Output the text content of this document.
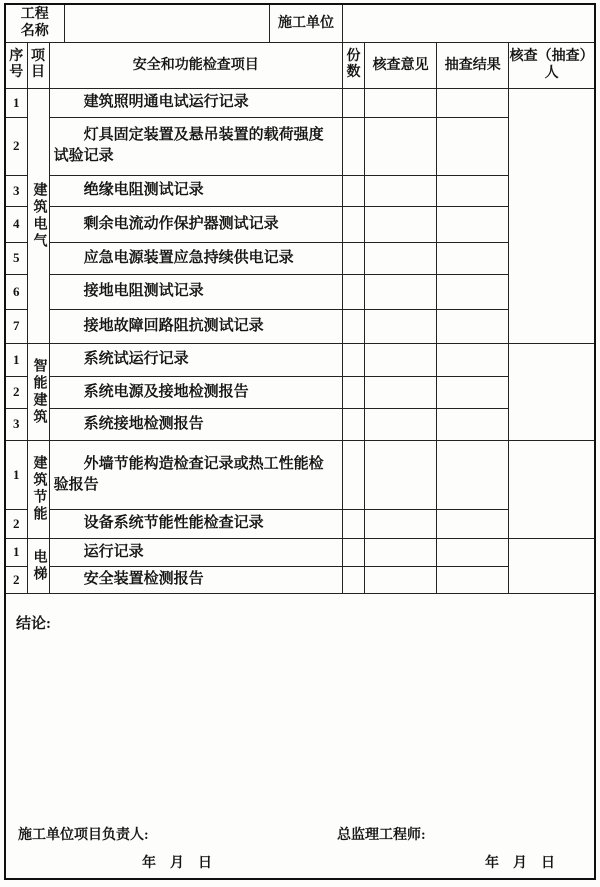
工程名称				施工单位				
序号	项目	安全和功能检查项目			份数	核查意见	抽查结果	核查（抽查）人
1	建筑电气	建筑照明通电试运行记录						
2		灯具固定装置及悬吊装置的载荷强度试验记录						
3		绝缘电阻测试记录						
4		剩余电流动作保护器测试记录						
5		应急电源装置应急持续供电记录						
6		接地电阻测试记录						
7		接地故障回路阻抗测试记录						
1	智能建筑	系统试运行记录						
2		系统电源及接地检测报告						
3		系统接地检测报告						
1	建筑节能	外墙节能构造检查记录或热工性能检验报告						
2		设备系统节能性能检查记录						
1	电梯	运行记录						
2		安全装置检测报告						

结论:
施工单位项目负责人: 总监理工程师:
年　月　日 年　月　日								
